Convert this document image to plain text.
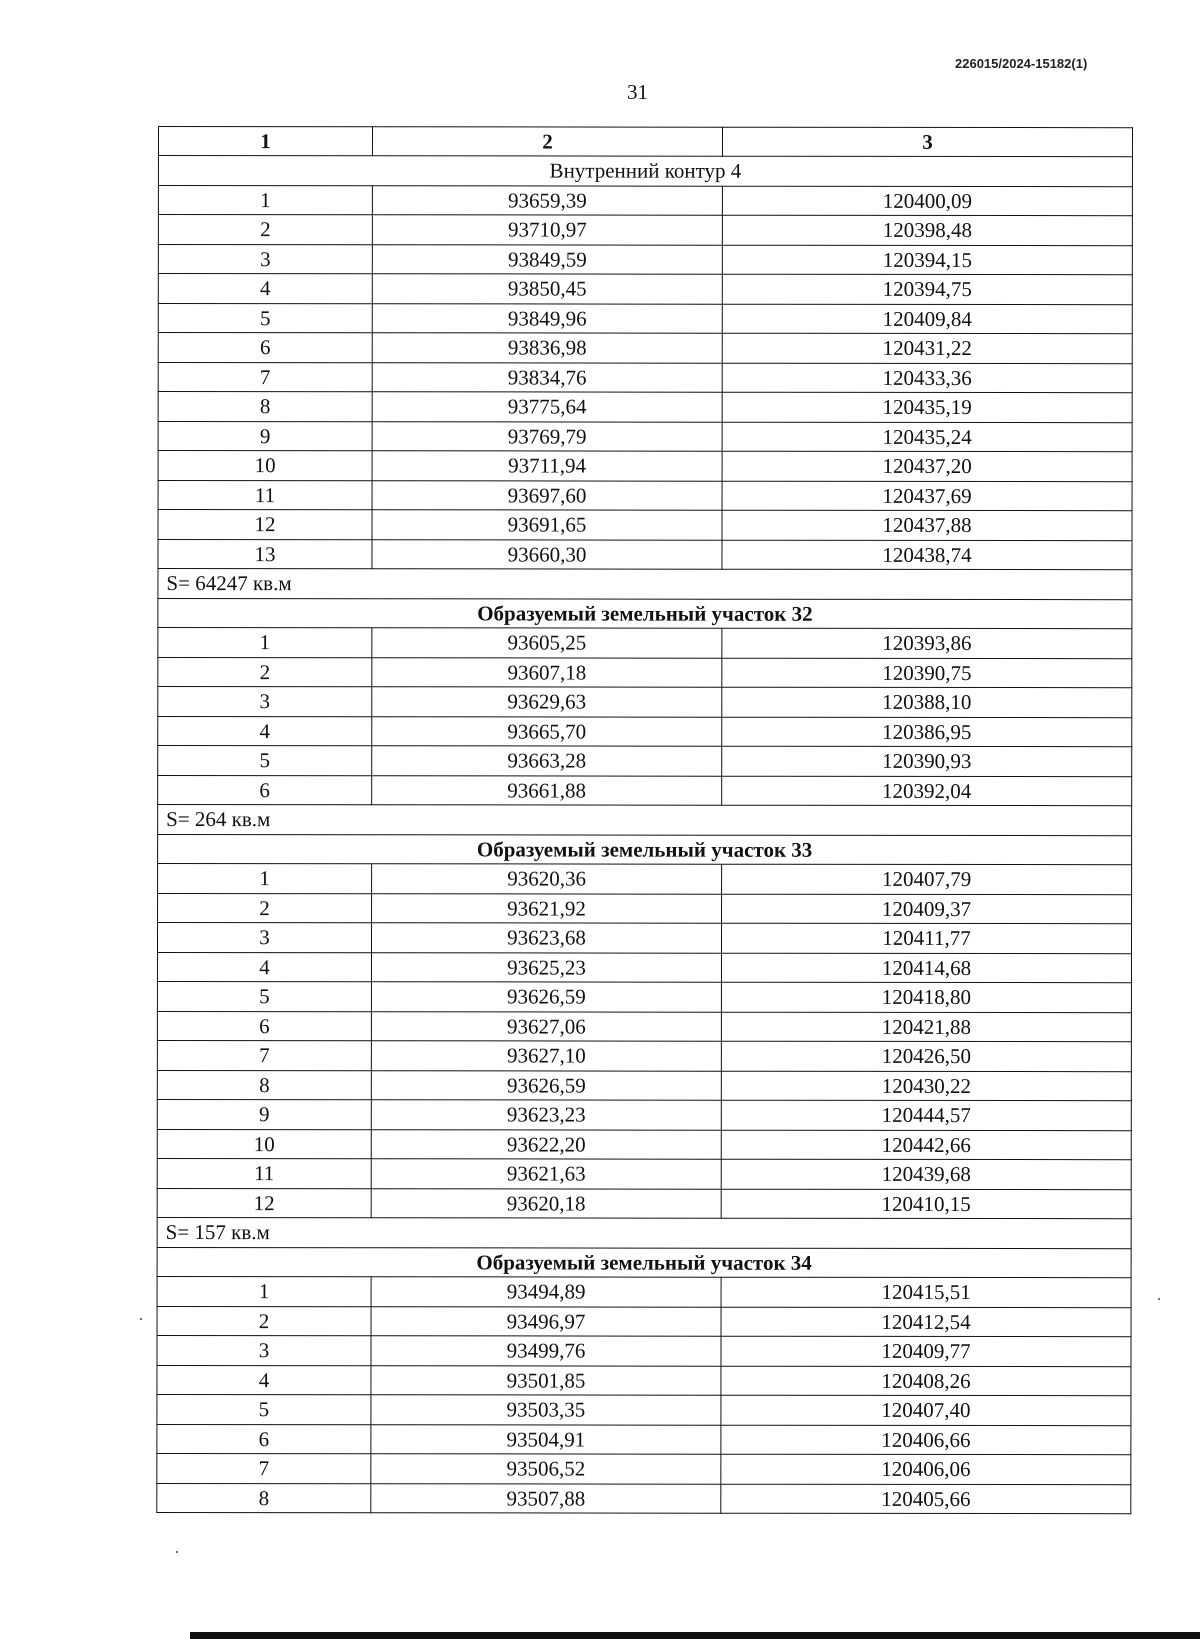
226015/2024-15182(1)
31
1	2	3
Внутренний контур 4		
1	93659,39	120400,09
2	93710,97	120398,48
3	93849,59	120394,15
4	93850,45	120394,75
5	93849,96	120409,84
6	93836,98	120431,22
7	93834,76	120433,36
8	93775,64	120435,19
9	93769,79	120435,24
10	93711,94	120437,20
11	93697,60	120437,69
12	93691,65	120437,88
13	93660,30	120438,74
S= 64247 кв.м		
Образуемый земельный участок 32		
1	93605,25	120393,86
2	93607,18	120390,75
3	93629,63	120388,10
4	93665,70	120386,95
5	93663,28	120390,93
6	93661,88	120392,04
S= 264 кв.м		
Образуемый земельный участок 33		
1	93620,36	120407,79
2	93621,92	120409,37
3	93623,68	120411,77
4	93625,23	120414,68
5	93626,59	120418,80
6	93627,06	120421,88
7	93627,10	120426,50
8	93626,59	120430,22
9	93623,23	120444,57
10	93622,20	120442,66
11	93621,63	120439,68
12	93620,18	120410,15
S= 157 кв.м		
Образуемый земельный участок 34		
1	93494,89	120415,51
2	93496,97	120412,54
3	93499,76	120409,77
4	93501,85	120408,26
5	93503,35	120407,40
6	93504,91	120406,66
7	93506,52	120406,06
8	93507,88	120405,66
